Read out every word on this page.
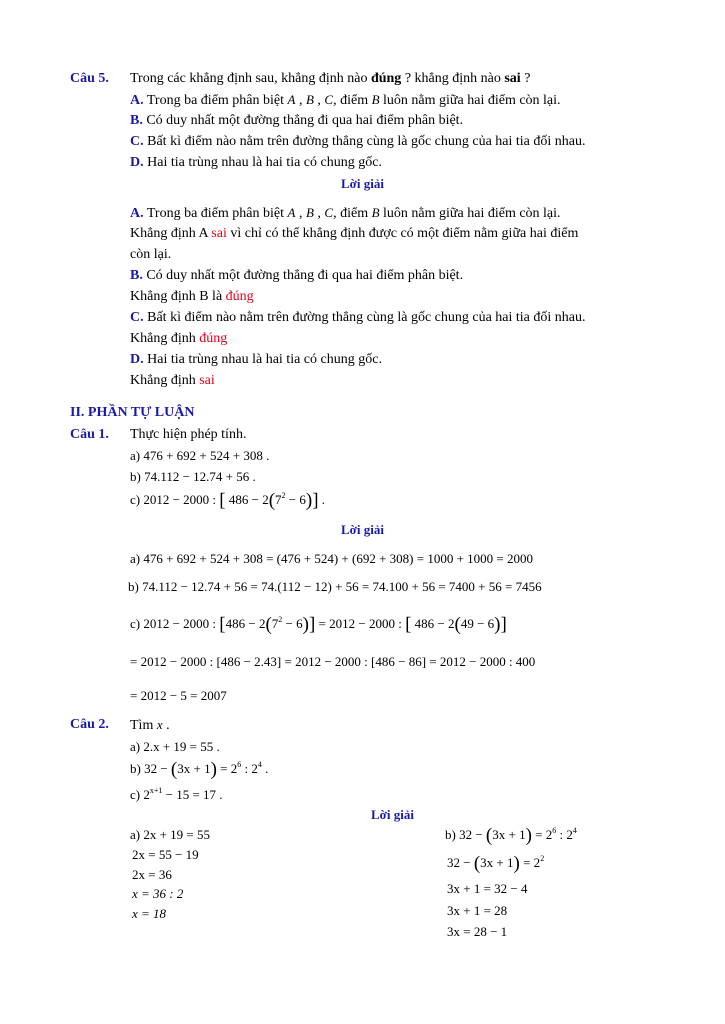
Câu 5. Trong các khẳng định sau, khẳng định nào đúng ? khẳng định nào sai ?
A. Trong ba điểm phân biệt A , B , C, điểm B luôn nằm giữa hai điểm còn lại.
B. Có duy nhất một đường thẳng đi qua hai điểm phân biệt.
C. Bất kì điểm nào nằm trên đường thẳng cùng là gốc chung của hai tia đối nhau.
D. Hai tia trùng nhau là hai tia có chung gốc.
Lời giải
A. Trong ba điểm phân biệt A , B , C, điểm B luôn nằm giữa hai điểm còn lại.
Khẳng định A sai vì chỉ có thể khẳng định được có một điểm nằm giữa hai điểm
còn lại.
B. Có duy nhất một đường thẳng đi qua hai điểm phân biệt.
Khẳng định B là đúng
C. Bất kì điểm nào nằm trên đường thẳng cùng là gốc chung của hai tia đối nhau.
Khẳng định đúng
D. Hai tia trùng nhau là hai tia có chung gốc.
Khẳng định sai
II. PHẦN TỰ LUẬN
Câu 1. Thực hiện phép tính.
a) 476 + 692 + 524 + 308 .
b) 74.112 − 12.74 + 56 .
c) 2012 − 2000 : [ $486 - 2(7^2 - 6)$] .
Lời giải
a) 476 + 692 + 524 + 308 = (476 + 524) + (692 + 308) = 1000 + 1000 = 2000
b) 74.112 − 12.74 + 56 = 74.(112 − 12) + 56 = 74.100 + 56 = 7400 + 56 = 7456
c) 2012 − 2000 : $[486 - 2(7^2 - 6)] = 2012 - 2000$ : [ 486 − 2(49 − 6)]
= 2012 − 2000 : [486 − 2.43] = 2012 − 2000 : [486 − 86] = 2012 − 2000 : 400
= 2012 − 5 = 2007
Câu 2. Tìm x .
a) 2.x + 19 = 55 .
b) $32 - (3x + 1) = 2^6$ : $2^4$ .
c) $2^{x+1} - 15 = 17$ .
Lời giải
a) 2x + 19 = 55
2x = 55 − 19
2x = 36
x = 36 : 2
x = 18
b) $32 - (3x + 1) = 2^6$ : $2^4$
$32 - (3x + 1) = 2^2$
3x + 1 = 32 − 4
3x + 1 = 28
3x = 28 − 1
